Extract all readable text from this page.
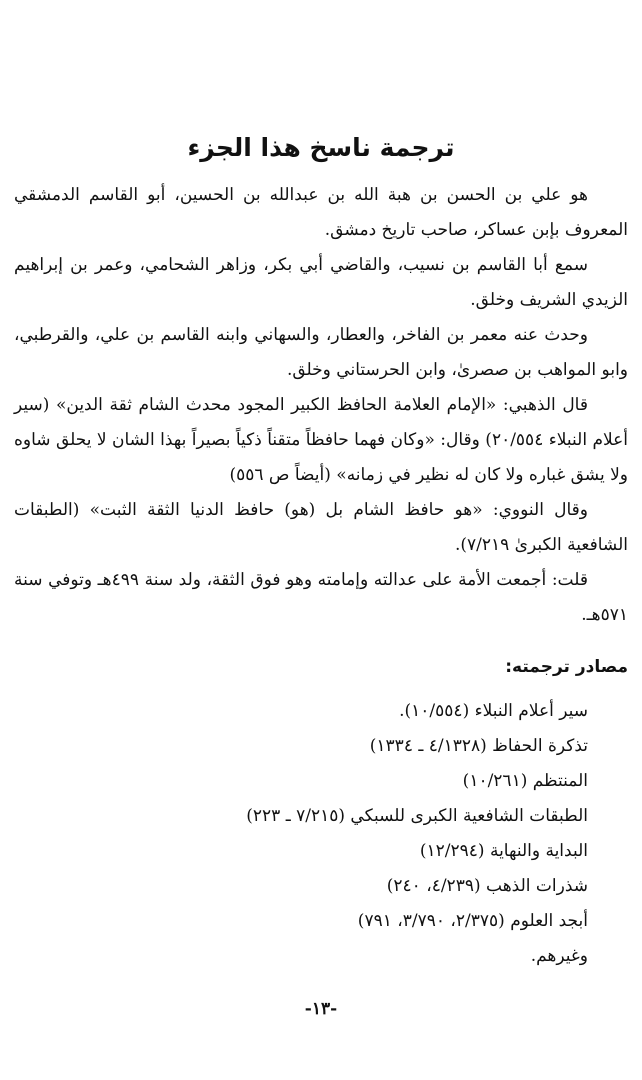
ترجمة ناسخ هذا الجزء

هو علي بن الحسن بن هبة الله بن عبدالله بن الحسين، أبو القاسم الدمشقي المعروف بإبن عساكر، صاحب تاريخ دمشق.

سمع أبا القاسم بن نسيب، والقاضي أبي بكر، وزاهر الشحامي، وعمر بن إبراهيم الزيدي الشريف وخلق.

وحدث عنه معمر بن الفاخر، والعطار، والسهاني وابنه القاسم بن علي، والقرطبي، وابو المواهب بن صصرىٰ، وابن الحرستاني وخلق.

قال الذهبي: «الإمام العلامة الحافظ الكبير المجود محدث الشام ثقة الدين» (سير أعلام النبلاء ٢٠/٥٥٤) وقال: «وكان فهما حافظاً متقناً ذكياً بصيراً بهذا الشان لا يحلق شاوه ولا يشق غباره ولا كان له نظير في زمانه» (أيضاً ص ٥٥٦)

وقال النووي: «هو حافظ الشام بل (هو) حافظ الدنيا الثقة الثبت» (الطبقات الشافعية الكبرىٰ ٧/٢١٩).

قلت: أجمعت الأمة على عدالته وإمامته وهو فوق الثقة، ولد سنة ٤٩٩هـ وتوفي سنة ٥٧١هـ.

مصادر ترجمته:
سير أعلام النبلاء (١٠/٥٥٤).
تذكرة الحفاظ (٤/١٣٢٨ ـ ١٣٣٤)
المنتظم (١٠/٢٦١)
الطبقات الشافعية الكبرى للسبكي (٧/٢١٥ ـ ٢٢٣)
البداية والنهاية (١٢/٢٩٤)
شذرات الذهب (٤/٢٣٩، ٢٤٠)
أبجد العلوم (٢/٣٧٥، ٣/٧٩٠، ٧٩١)
وغيرهم.
-١٣-
